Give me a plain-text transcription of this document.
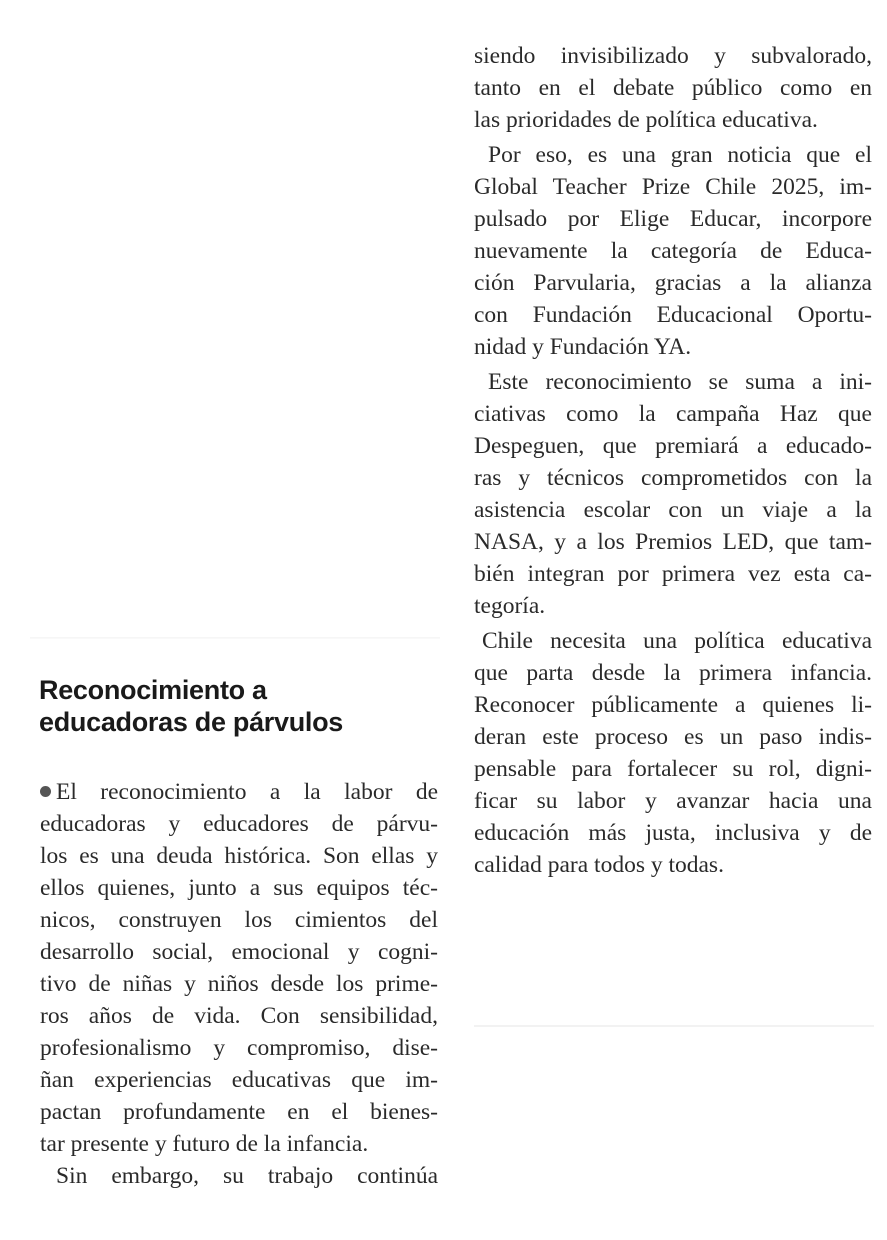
Reconocimiento a
educadoras de párvulos
El reconocimiento a la labor de
educadoras y educadores de párvu-
los es una deuda histórica. Son ellas y
ellos quienes, junto a sus equipos téc-
nicos, construyen los cimientos del
desarrollo social, emocional y cogni-
tivo de niñas y niños desde los prime-
ros años de vida. Con sensibilidad,
profesionalismo y compromiso, dise-
ñan experiencias educativas que im-
pactan profundamente en el bienes-
tar presente y futuro de la infancia.
Sin embargo, su trabajo continúa
siendo invisibilizado y subvalorado,
tanto en el debate público como en
las prioridades de política educativa.
Por eso, es una gran noticia que el
Global Teacher Prize Chile 2025, im-
pulsado por Elige Educar, incorpore
nuevamente la categoría de Educa-
ción Parvularia, gracias a la alianza
con Fundación Educacional Oportu-
nidad y Fundación YA.
Este reconocimiento se suma a ini-
ciativas como la campaña Haz que
Despeguen, que premiará a educado-
ras y técnicos comprometidos con la
asistencia escolar con un viaje a la
NASA, y a los Premios LED, que tam-
bién integran por primera vez esta ca-
tegoría.
Chile necesita una política educativa
que parta desde la primera infancia.
Reconocer públicamente a quienes li-
deran este proceso es un paso indis-
pensable para fortalecer su rol, digni-
ficar su labor y avanzar hacia una
educación más justa, inclusiva y de
calidad para todos y todas.
